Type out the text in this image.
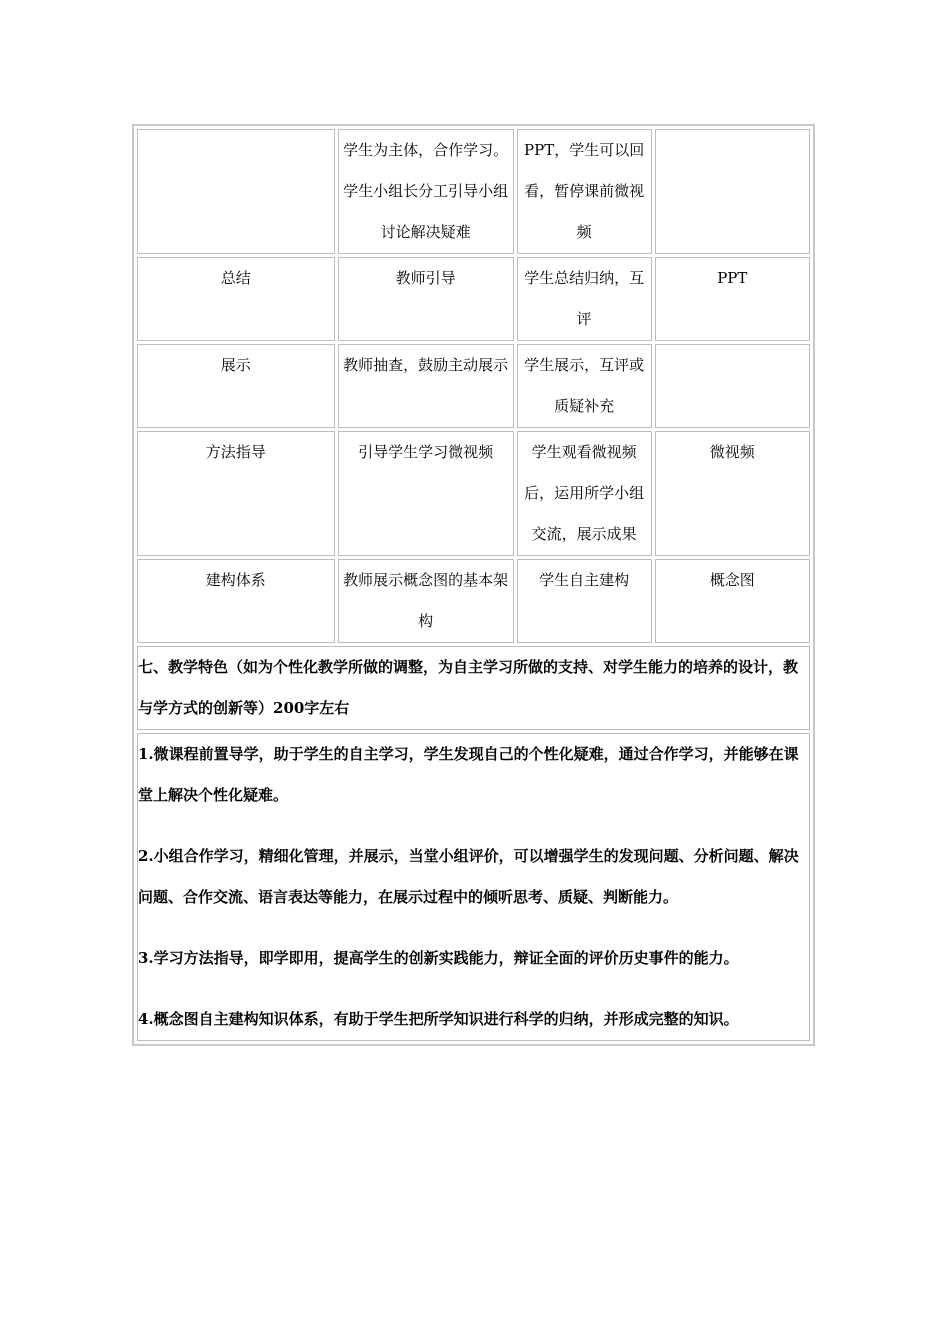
	学生为主体，合作学习。学生小组长分工引导小组讨论解决疑难	PPT，学生可以回看，暂停课前微视频	
总结	教师引导	学生总结归纳，互评	PPT
展示	教师抽查，鼓励主动展示	学生展示，互评或质疑补充	
方法指导	引导学生学习微视频	学生观看微视频后，运用所学小组交流，展示成果	微视频
建构体系	教师展示概念图的基本架构	学生自主建构	概念图
七、教学特色（如为个性化教学所做的调整，为自主学习所做的支持、对学生能力的培养的设计，教与学方式的创新等）200字左右			

1.微课程前置导学，助于学生的自主学习，学生发现自己的个性化疑难，通过合作学习，并能够在课堂上解决个性化疑难。
2.小组合作学习，精细化管理，并展示，当堂小组评价，可以增强学生的发现问题、分析问题、解决问题、合作交流、语言表达等能力，在展示过程中的倾听思考、质疑、判断能力。
3.学习方法指导，即学即用，提高学生的创新实践能力，辩证全面的评价历史事件的能力。
4.概念图自主建构知识体系，有助于学生把所学知识进行科学的归纳，并形成完整的知识。			
